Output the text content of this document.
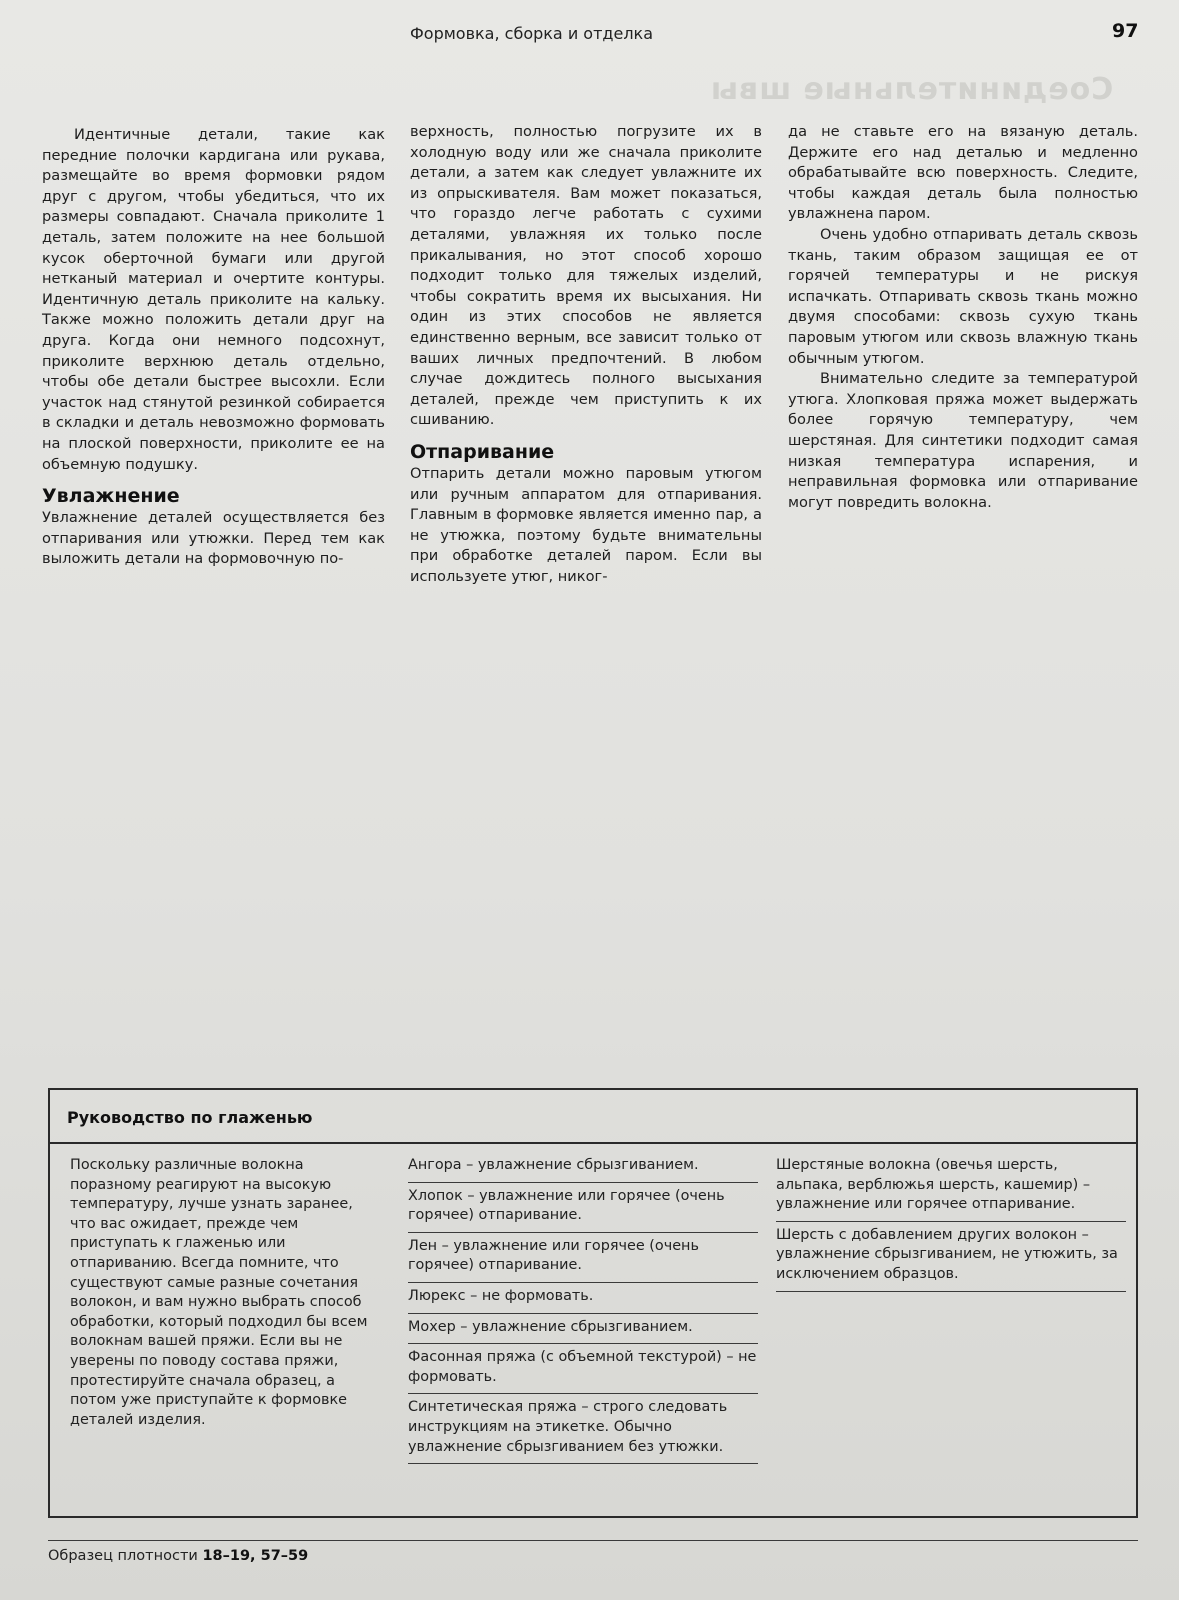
Соединительные швы
Формовка, сборка и отделка	97

Идентичные детали, такие как передние полочки кардигана или рукава, размещайте во время формовки рядом друг с другом, чтобы убедиться, что их размеры совпадают. Сначала приколите 1 деталь, затем положите на нее большой кусок оберточной бумаги или другой нетканый материал и очертите контуры. Идентичную деталь приколите на кальку. Также можно положить детали друг на друга. Когда они немного подсохнут, приколите верхнюю деталь отдельно, чтобы обе детали быстрее высохли. Если участок над стянутой резинкой собирается в складки и деталь невозможно формовать на плоской поверхности, приколите ее на объемную подушку.

Увлажнение

Увлажнение деталей осуществляется без отпаривания или утюжки. Перед тем как выложить детали на формовочную по-

верхность, полностью погрузите их в холодную воду или же сначала приколите детали, а затем как следует увлажните их из опрыскивателя. Вам может показаться, что гораздо легче работать с сухими деталями, увлажняя их только после прикалывания, но этот способ хорошо подходит только для тяжелых изделий, чтобы сократить время их высыхания. Ни один из этих способов не является единственно верным, все зависит только от ваших личных предпочтений. В любом случае дождитесь полного высыхания деталей, прежде чем приступить к их сшиванию.

Отпаривание

Отпарить детали можно паровым утюгом или ручным аппаратом для отпаривания. Главным в формовке является именно пар, а не утюжка, поэтому будьте внимательны при обработке деталей паром. Если вы используете утюг, никог-

да не ставьте его на вязаную деталь. Держите его над деталью и медленно обрабатывайте всю поверхность. Следите, чтобы каждая деталь была полностью увлажнена паром.

Очень удобно отпаривать деталь сквозь ткань, таким образом защищая ее от горячей температуры и не рискуя испачкать. Отпаривать сквозь ткань можно двумя способами: сквозь сухую ткань паровым утюгом или сквозь влажную ткань обычным утюгом.

Внимательно следите за температурой утюга. Хлопковая пряжа может выдержать более горячую температуру, чем шерстяная. Для синтетики подходит самая низкая температура испарения, и неправильная формовка или отпаривание могут повредить волокна.

Руководство по глаженью
Поскольку различные волокна поразному реагируют на высокую температуру, лучше узнать заранее, что вас ожидает, прежде чем приступать к глаженью или отпариванию. Всегда помните, что существуют самые разные сочетания волокон, и вам нужно выбрать способ обработки, который подходил бы всем волокнам вашей пряжи. Если вы не уверены по поводу состава пряжи, протестируйте сначала образец, а потом уже приступайте к формовке деталей изделия.
Ангора – увлажнение сбрызгиванием.
Хлопок – увлажнение или горячее (очень горячее) отпаривание.
Лен – увлажнение или горячее (очень горячее) отпаривание.
Люрекс – не формовать.
Мохер – увлажнение сбрызгиванием.
Фасонная пряжа (с объемной текстурой) – не формовать.
Синтетическая пряжа – строго следовать инструкциям на этикетке. Обычно увлажнение сбрызгиванием без утюжки.
Шерстяные волокна (овечья шерсть, альпака, верблюжья шерсть, кашемир) – увлажнение или горячее отпаривание.
Шерсть с добавлением других волокон – увлажнение сбрызгиванием, не утюжить, за исключением образцов.
Образец плотности 18–19, 57–59
